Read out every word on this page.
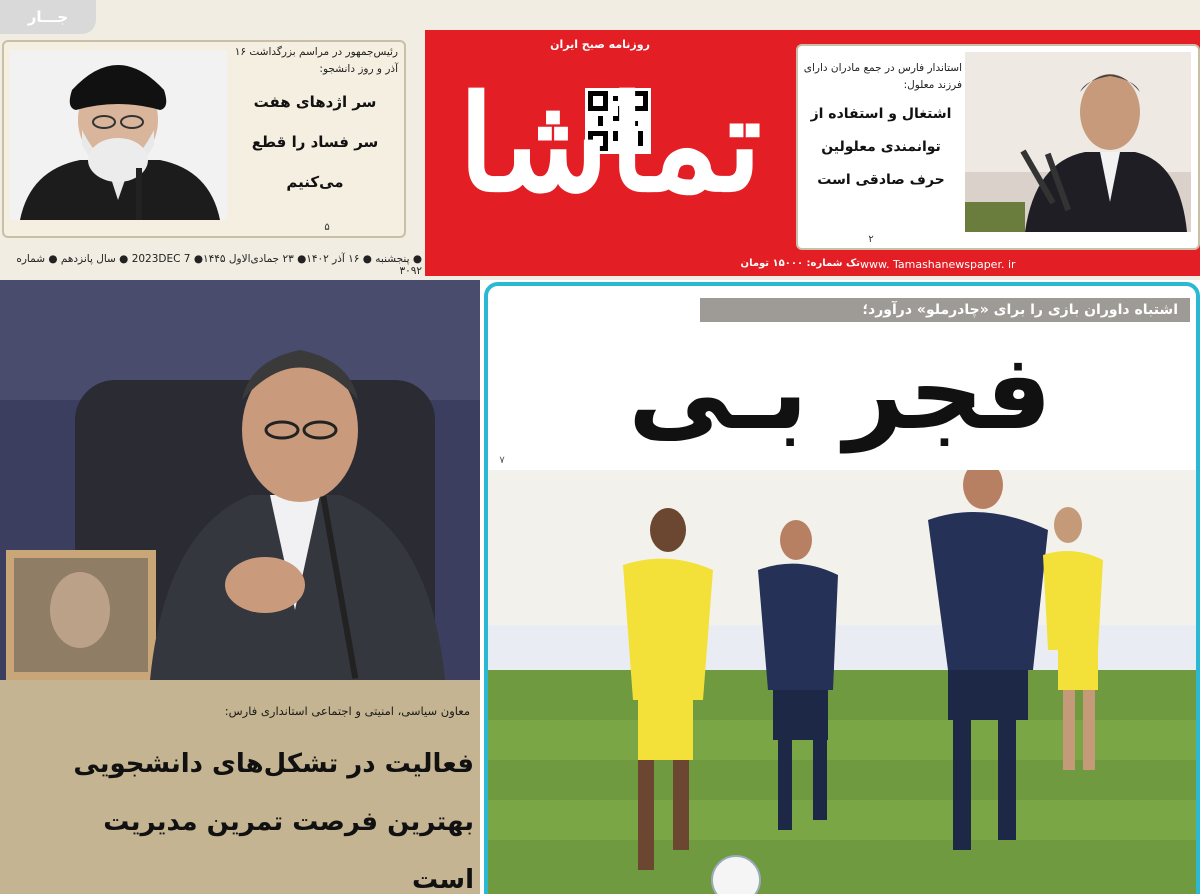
جـــار
رئیس‌جمهور در مراسم بزرگداشت ۱۶ آذر و روز دانشجو:
سر اژدهای هفت
سر فساد را قطع
می‌کنیم
۵
استاندار فارس در جمع مادران دارای فرزند معلول:
اشتغال و استفاده از
توانمندی معلولین
حرف صادقی است
۲
روزنامه صبح ایران
تماشا
تک شماره: ۱۵۰۰۰ تومان www. Tamashanewspaper. ir
● پنجشنبه ● ۱۶ آذر ۱۴۰۲● ۲۳ جمادی‌الاول ۱۴۴۵● 2023DEC 7 ● سال پانزدهم ● شماره ۳۰۹۲
معاون سیاسی، امنیتی و اجتماعی استانداری فارس:
فعالیت در تشکل‌های دانشجویی
بهترین فرصت تمرین مدیریت
است
اشتباه داوران بازی را برای «چادرملو» درآورد؛
فجر بـی
۷
